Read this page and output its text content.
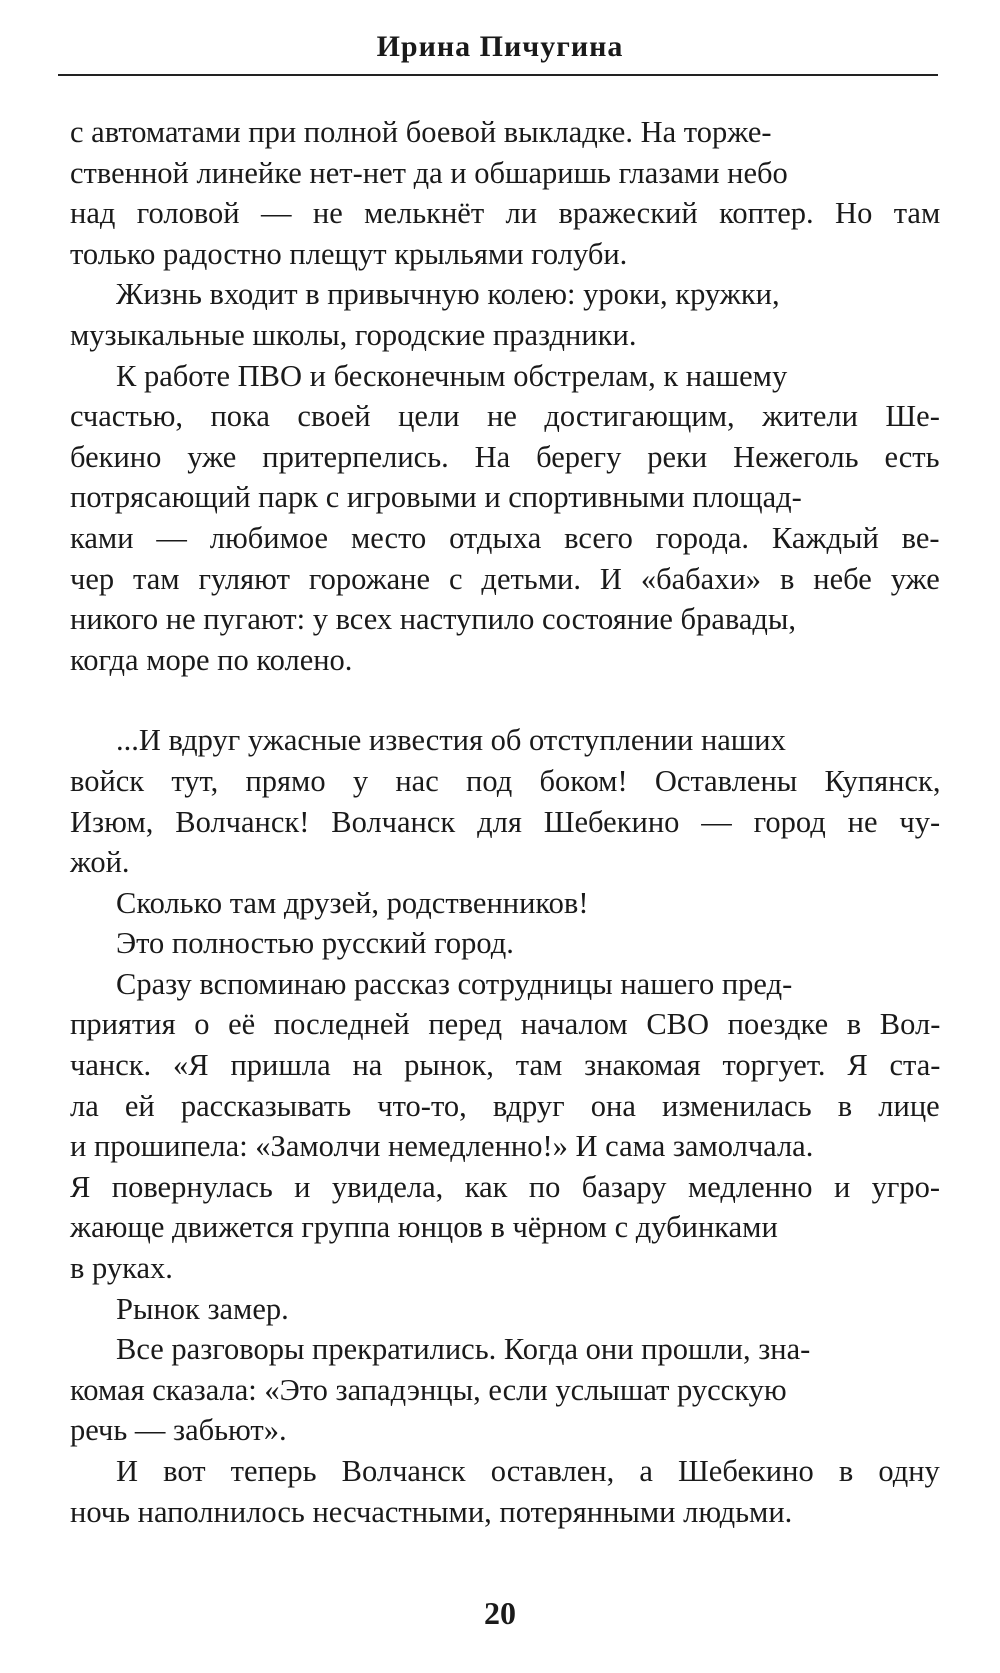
Ирина Пичугина
с автоматами при полной боевой выкладке. На торже-
ственной линейке нет-нет да и обшаришь глазами небо
над головой — не мелькнёт ли вражеский коптер. Но там
только радостно плещут крыльями голуби.
Жизнь входит в привычную колею: уроки, кружки,
музыкальные школы, городские праздники.
К работе ПВО и бесконечным обстрелам, к нашему
счастью, пока своей цели не достигающим, жители Ше-
бекино уже притерпелись. На берегу реки Нежеголь есть
потрясающий парк с игровыми и спортивными площад-
ками — любимое место отдыха всего города. Каждый ве-
чер там гуляют горожане с детьми. И «бабахи» в небе уже
никого не пугают: у всех наступило состояние бравады,
когда море по колено.
...И вдруг ужасные известия об отступлении наших
войск тут, прямо у нас под боком! Оставлены Купянск,
Изюм, Волчанск! Волчанск для Шебекино — город не чу-
жой.
Сколько там друзей, родственников!
Это полностью русский город.
Сразу вспоминаю рассказ сотрудницы нашего пред-
приятия о её последней перед началом СВО поездке в Вол-
чанск. «Я пришла на рынок, там знакомая торгует. Я ста-
ла ей рассказывать что-то, вдруг она изменилась в лице
и прошипела: «Замолчи немедленно!» И сама замолчала.
Я повернулась и увидела, как по базару медленно и угро-
жающе движется группа юнцов в чёрном с дубинками
в руках.
Рынок замер.
Все разговоры прекратились. Когда они прошли, зна-
комая сказала: «Это западэнцы, если услышат русскую
речь — забьют».
И вот теперь Волчанск оставлен, а Шебекино в одну
ночь наполнилось несчастными, потерянными людьми.
20
